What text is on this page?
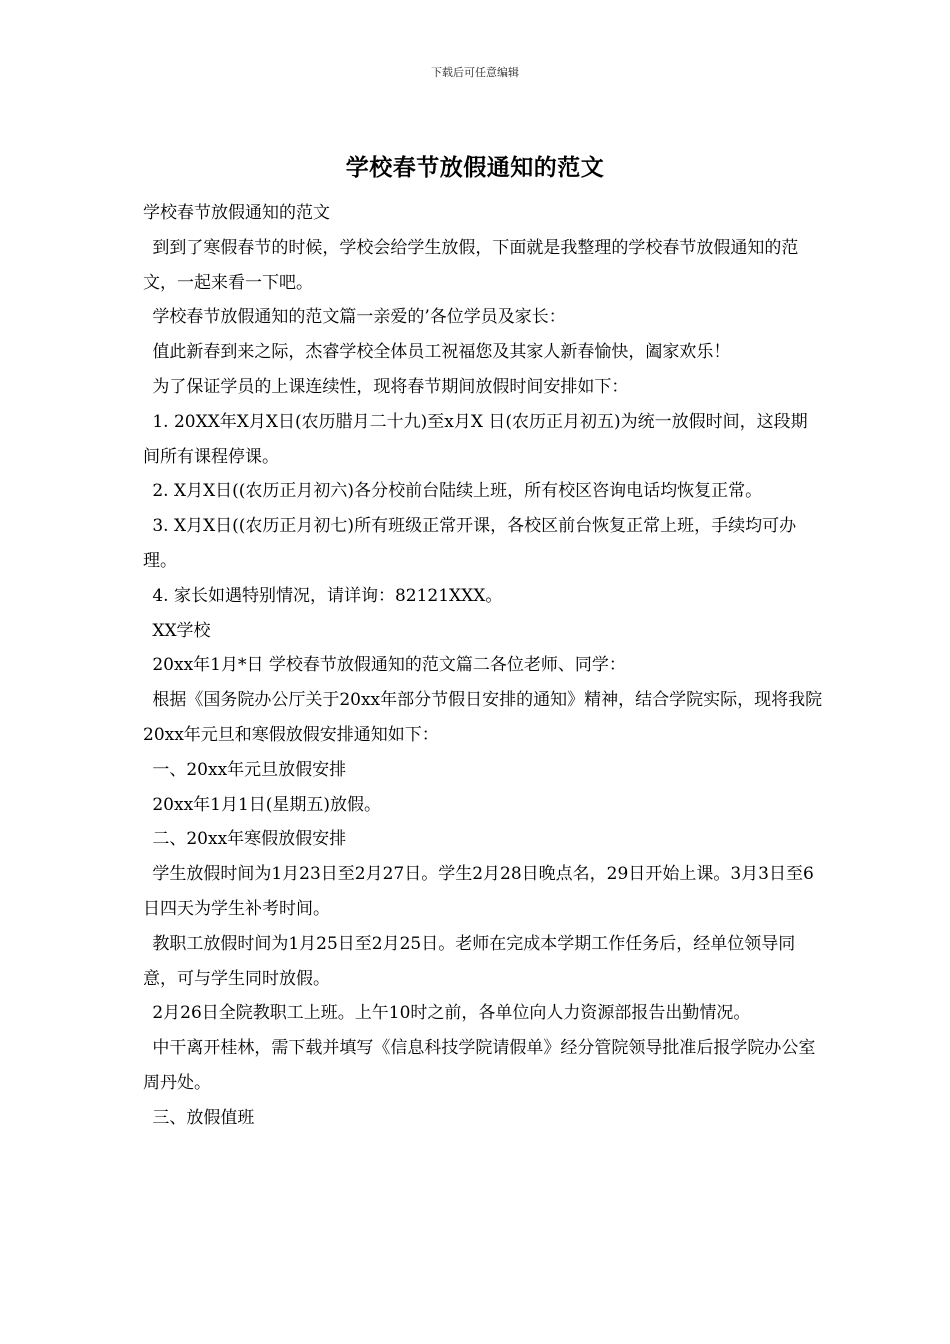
下载后可任意编辑
学校春节放假通知的范文

学校春节放假通知的范文

到到了寒假春节的时候，学校会给学生放假，下面就是我整理的学校春节放假通知的范文，一起来看一下吧。

学校春节放假通知的范文篇一亲爱的’各位学员及家长：

值此新春到来之际，杰睿学校全体员工祝福您及其家人新春愉快，阖家欢乐！

为了保证学员的上课连续性，现将春节期间放假时间安排如下：

1. 20XX年X月X日(农历腊月二十九)至x月X 日(农历正月初五)为统一放假时间，这段期间所有课程停课。

2. X月X日((农历正月初六)各分校前台陆续上班，所有校区咨询电话均恢复正常。

3. X月X日((农历正月初七)所有班级正常开课，各校区前台恢复正常上班，手续均可办理。

4. 家长如遇特别情况，请详询：82121XXX。

XX学校

20xx年1月*日 学校春节放假通知的范文篇二各位老师、同学：

根据《国务院办公厅关于20xx年部分节假日安排的通知》精神，结合学院实际，现将我院20xx年元旦和寒假放假安排通知如下：

一、20xx年元旦放假安排

20xx年1月1日(星期五)放假。

二、20xx年寒假放假安排

学生放假时间为1月23日至2月27日。学生2月28日晚点名，29日开始上课。3月3日至6日四天为学生补考时间。

教职工放假时间为1月25日至2月25日。老师在完成本学期工作任务后，经单位领导同意，可与学生同时放假。

2月26日全院教职工上班。上午10时之前，各单位向人力资源部报告出勤情况。

中干离开桂林，需下载并填写《信息科技学院请假单》经分管院领导批准后报学院办公室周丹处。

三、放假值班
